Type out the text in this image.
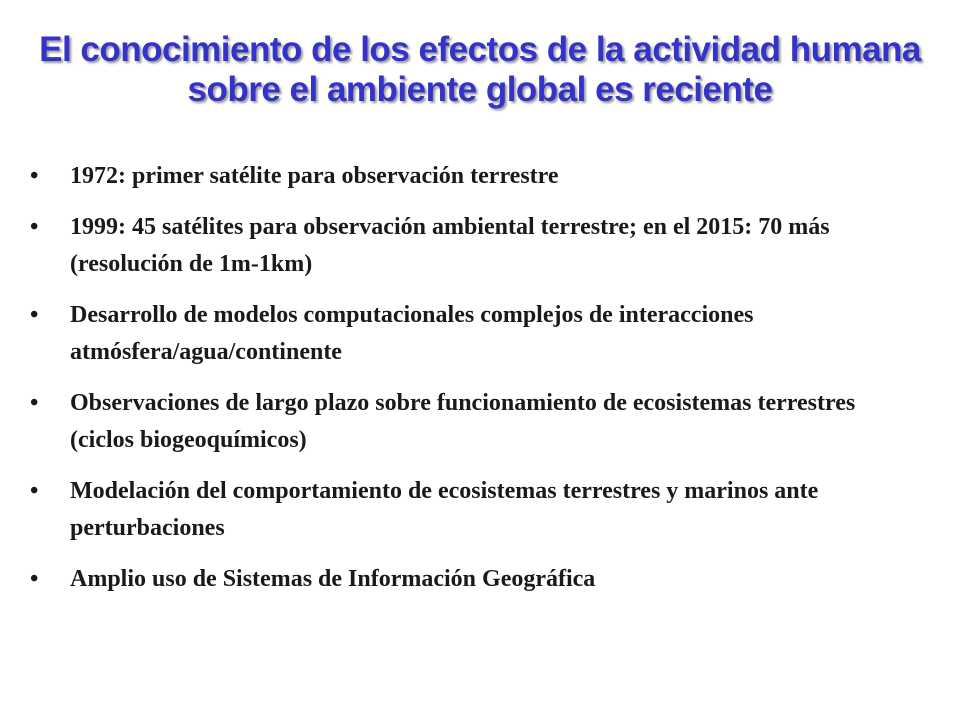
El conocimiento de los efectos de la actividad humana
sobre el ambiente global es reciente
•	1972: primer satélite para observación terrestre
•	1999: 45 satélites para observación ambiental terrestre; en el 2015: 70 más (resolución de 1m-1km)
•	Desarrollo de modelos computacionales complejos de interacciones atmósfera/agua/continente
•	Observaciones de largo plazo sobre funcionamiento de ecosistemas terrestres (ciclos biogeoquímicos)
•	Modelación del comportamiento de ecosistemas terrestres y marinos ante perturbaciones
•	Amplio uso de Sistemas de Información Geográfica
